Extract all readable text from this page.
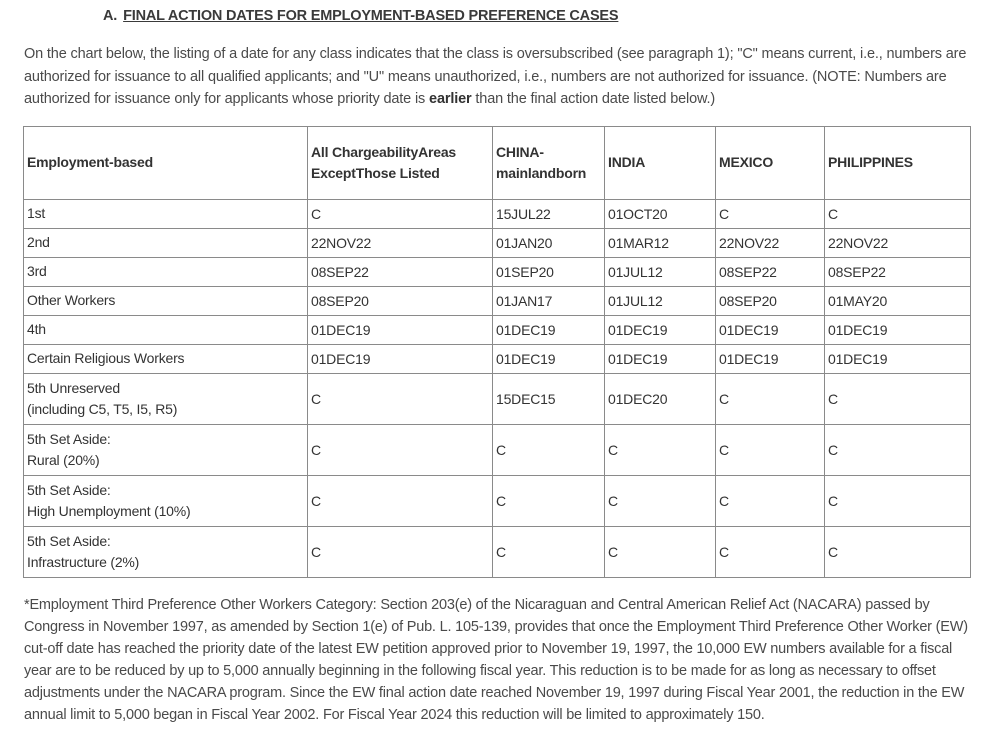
A. FINAL ACTION DATES FOR EMPLOYMENT-BASED PREFERENCE CASES

On the chart below, the listing of a date for any class indicates that the class is oversubscribed (see paragraph 1); "C" means current, i.e., numbers are authorized for issuance to all qualified applicants; and "U" means unauthorized, i.e., numbers are not authorized for issuance. (NOTE: Numbers are authorized for issuance only for applicants whose priority date is earlier than the final action date listed below.)

Employment-based	All ChargeabilityAreas ExceptThose Listed	CHINA-mainlandborn	INDIA	MEXICO	PHILIPPINES

1st	C	15JUL22	01OCT20	C	C

2nd	22NOV22	01JAN20	01MAR12	22NOV22	22NOV22

3rd	08SEP22	01SEP20	01JUL12	08SEP22	08SEP22

Other Workers	08SEP20	01JAN17	01JUL12	08SEP20	01MAY20

4th	01DEC19	01DEC19	01DEC19	01DEC19	01DEC19

Certain Religious Workers	01DEC19	01DEC19	01DEC19	01DEC19	01DEC19

5th Unreserved
(including C5, T5, I5, R5)	C	15DEC15	01DEC20	C	C

5th Set Aside:
Rural (20%)	C	C	C	C	C

5th Set Aside:
High Unemployment (10%)	C	C	C	C	C

5th Set Aside:
Infrastructure (2%)	C	C	C	C	C

*Employment Third Preference Other Workers Category: Section 203(e) of the Nicaraguan and Central American Relief Act (NACARA) passed by Congress in November 1997, as amended by Section 1(e) of Pub. L. 105-139, provides that once the Employment Third Preference Other Worker (EW) cut-off date has reached the priority date of the latest EW petition approved prior to November 19, 1997, the 10,000 EW numbers available for a fiscal year are to be reduced by up to 5,000 annually beginning in the following fiscal year. This reduction is to be made for as long as necessary to offset adjustments under the NACARA program. Since the EW final action date reached November 19, 1997 during Fiscal Year 2001, the reduction in the EW annual limit to 5,000 began in Fiscal Year 2002. For Fiscal Year 2024 this reduction will be limited to approximately 150.
